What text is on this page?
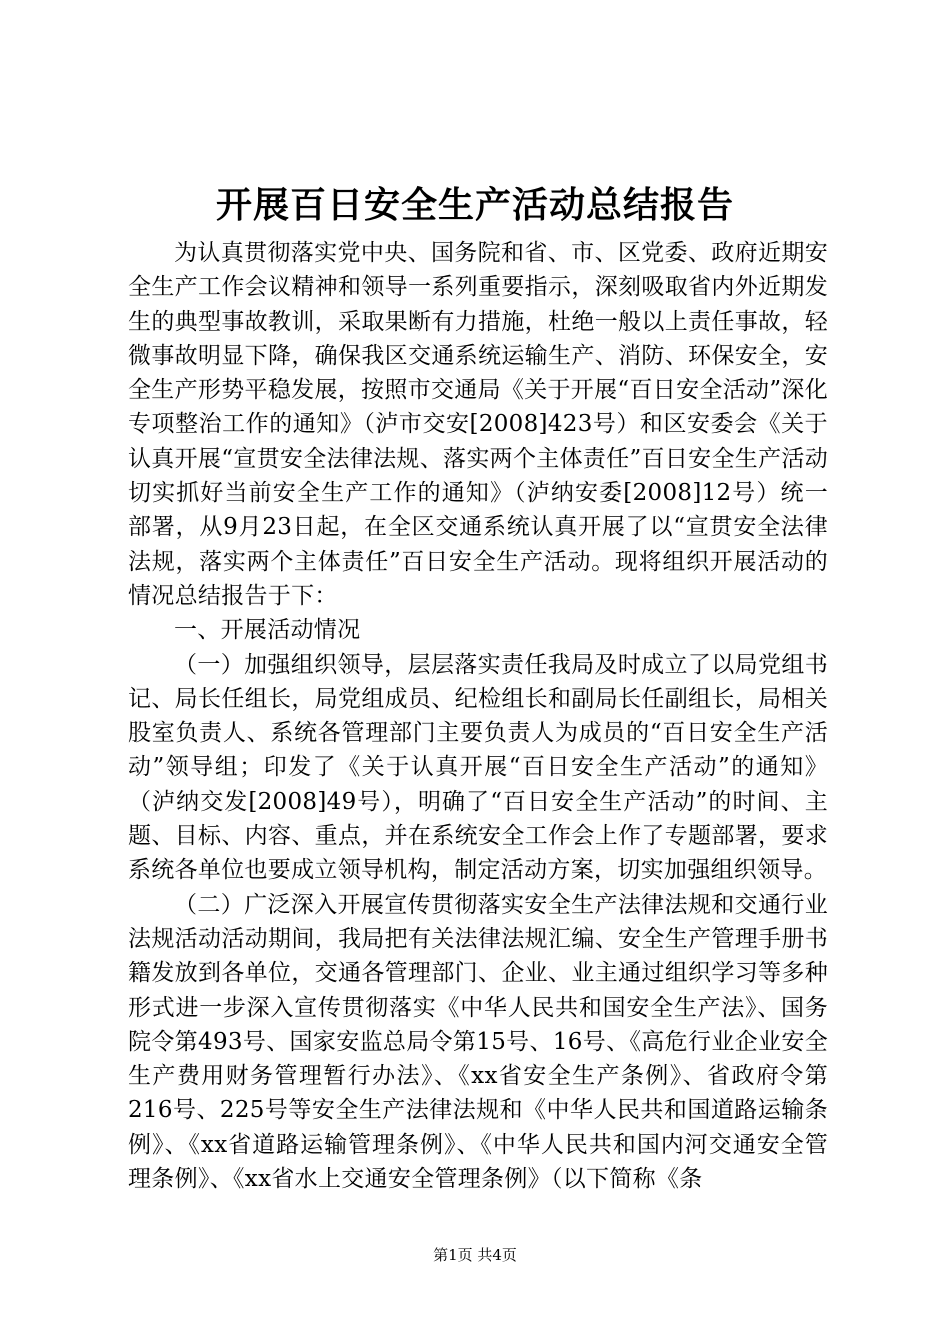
开展百日安全生产活动总结报告

为认真贯彻落实党中央、国务院和省、市、区党委、政府近期安全生产工作会议精神和领导一系列重要指示，深刻吸取省内外近期发生的典型事故教训，采取果断有力措施，杜绝一般以上责任事故，轻微事故明显下降，确保我区交通系统运输生产、消防、环保安全，安全生产形势平稳发展，按照市交通局《关于开展“百日安全活动”深化专项整治工作的通知》（泸市交安[2008]423号）和区安委会《关于认真开展“宣贯安全法律法规、落实两个主体责任”百日安全生产活动切实抓好当前安全生产工作的通知》（泸纳安委[2008]12号）统一部署，从9月23日起，在全区交通系统认真开展了以“宣贯安全法律法规，落实两个主体责任”百日安全生产活动。现将组织开展活动的情况总结报告于下：

一、开展活动情况

（一）加强组织领导，层层落实责任我局及时成立了以局党组书记、局长任组长，局党组成员、纪检组长和副局长任副组长，局相关股室负责人、系统各管理部门主要负责人为成员的“百日安全生产活动”领导组；印发了《关于认真开展“百日安全生产活动”的通知》（泸纳交发[2008]49号），明确了“百日安全生产活动”的时间、主题、目标、内容、重点，并在系统安全工作会上作了专题部署，要求系统各单位也要成立领导机构，制定活动方案，切实加强组织领导。

（二）广泛深入开展宣传贯彻落实安全生产法律法规和交通行业法规活动活动期间，我局把有关法律法规汇编、安全生产管理手册书籍发放到各单位，交通各管理部门、企业、业主通过组织学习等多种形式进一步深入宣传贯彻落实《中华人民共和国安全生产法》、国务院令第493号、国家安监总局令第15号、16号、《高危行业企业安全生产费用财务管理暂行办法》、《xx省安全生产条例》、省政府令第216号、225号等安全生产法律法规和《中华人民共和国道路运输条例》、《xx省道路运输管理条例》、《中华人民共和国内河交通安全管理条例》、《xx省水上交通安全管理条例》（以下简称《条

第1页 共4页
